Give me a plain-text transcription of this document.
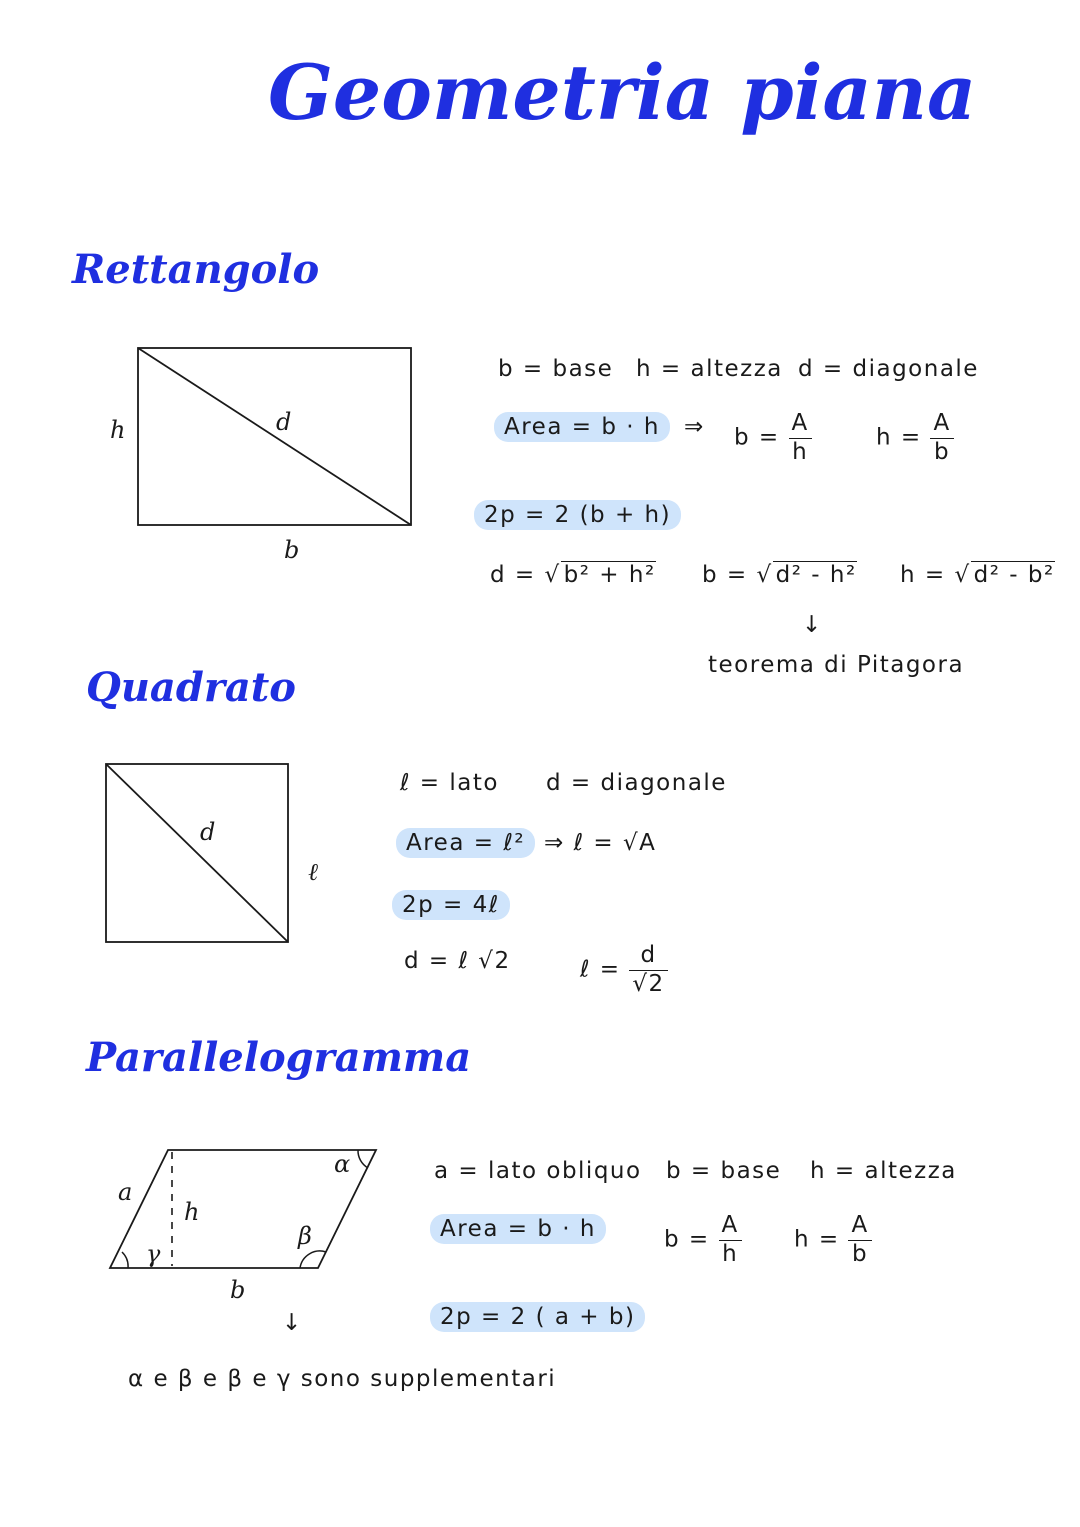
Geometria piana
Rettangolo
h	d
b
b = base h = altezza d = diagonale
Area = b · h	⇒ $b = \frac{A}{h}$	$h = \frac{A}{b}$
2p = 2 (b + h)
d = √ b² + h² b = √ d² - h² h = √ d² - b²
↓
teorema di Pitagora
Quadrato
d
ℓ
ℓ = lato d = diagonale
Area = ℓ² ⇒ ℓ = √A
2p = 4ℓ
d = ℓ √2	ℓ = $\frac{d}{√2}$
Parallelogramma
a
h
γ
β
α
b
a = lato obliquo b = base h = altezza
Area = b · h	$b = \frac{A}{h}$ $h = \frac{A}{b}$
2p = 2 ( a + b)
↓
α e β e β e γ sono supplementari
